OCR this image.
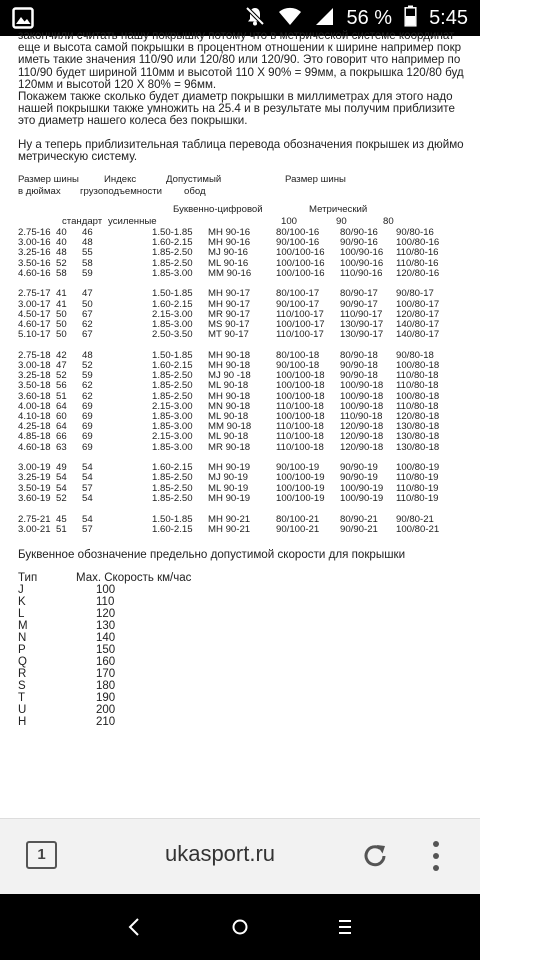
56 % 5:45
закончили считать нашу покрышку потому что в метрической системе координат
еще и высота самой покрышки в процентном отношении к ширине например покр
иметь такие значения 110/90 или 120/80 или 120/90. Это говорит что например по
110/90 будет шириной 110мм и высотой 110 Х 90% = 99мм, а покрышка 120/80 буд
120мм и высотой 120 Х 80% = 96мм.
Покажем также сколько будет диаметр покрышки в миллиметрах для этого надо
нашей покрышки также умножить на 25.4 и в результате мы получим приблизите
это диаметр нашего колеса без покрышки.
Ну а теперь приблизительная таблица перевода обозначения покрышек из дюймо
метрическую систему.
Размер шины	Индекс	Допустимый	Размер шины
в дюймах грузоподъемности обод
Буквенно-цифровой	Метрический
стандарт усиленные	100	90	80
2.75-16 40 46	1.50-1.85 MH 90-16	80/100-16 80/90-16 90/80-16
3.00-16 40 48	1.60-2.15 MH 90-16	90/100-16 90/90-16 100/80-16
3.25-16 48 55	1.85-2.50 MJ 90-16	100/100-16 100/90-16 110/80-16
3.50-16 52 58	1.85-2.50 ML 90-16	100/100-16 100/90-16 110/80-16
4.60-16 58 59	1.85-3.00 MM 90-16	100/100-16 110/90-16 120/80-16
2.75-17 41 47	1.50-1.85 MH 90-17	80/100-17 80/90-17 90/80-17
3.00-17 41 50	1.60-2.15 MH 90-17	90/100-17 90/90-17 100/80-17
4.50-17 50 67	2.15-3.00 MR 90-17	110/100-17 110/90-17 120/80-17
4.60-17 50 62	1.85-3.00 MS 90-17	100/100-17 130/90-17 140/80-17
5.10-17 50 67	2.50-3.50 MT 90-17	110/100-17 130/90-17 140/80-17
2.75-18 42 48	1.50-1.85 MH 90-18	80/100-18 80/90-18 90/80-18
3.00-18 47 52	1.60-2.15 MH 90-18	90/100-18 90/90-18 100/80-18
3.25-18 52 59	1.85-2.50 MJ 90 -18	100/100-18 90/90-18 110/80-18
3.50-18 56 62	1.85-2.50 ML 90-18	100/100-18 100/90-18 110/80-18
3.60-18 51 62	1.85-2.50 MH 90-18	100/100-18 100/90-18 100/80-18
4.00-18 64 69	2.15-3.00 MN 90-18	110/100-18 100/90-18 110/80-18
4.10-18 60 69	1.85-3.00 ML 90-18	100/100-18 110/90-18 120/80-18
4.25-18 64 69	1.85-3.00 MM 90-18	110/100-18 120/90-18 130/80-18
4.85-18 66 69	2.15-3.00 ML 90-18	110/100-18 120/90-18 130/80-18
4.60-18 63 69	1.85-3.00 MR 90-18	110/100-18 120/90-18 130/80-18
3.00-19 49 54	1.60-2.15 MH 90-19	90/100-19 90/90-19 100/80-19
3.25-19 54 54	1.85-2.50 MJ 90-19	100/100-19 90/90-19 110/80-19
3.50-19 54 57	1.85-2.50 ML 90-19	100/100-19 100/90-19 110/80-19
3.60-19 52 54	1.85-2.50 MH 90-19	100/100-19 100/90-19 110/80-19
2.75-21 45 54	1.50-1.85 MH 90-21	80/100-21 80/90-21 90/80-21
3.00-21 51 57	1.60-2.15 MH 90-21	90/100-21 90/90-21 100/80-21
Буквенное обозначение предельно допустимой скорости для покрышки
Тип	Мах. Скорость км/час
J	100
K	110
L	120
M	130
N	140
P	150
Q	160
R	170
S	180
T	190
U	200
H	210
1	ukasport.ru
